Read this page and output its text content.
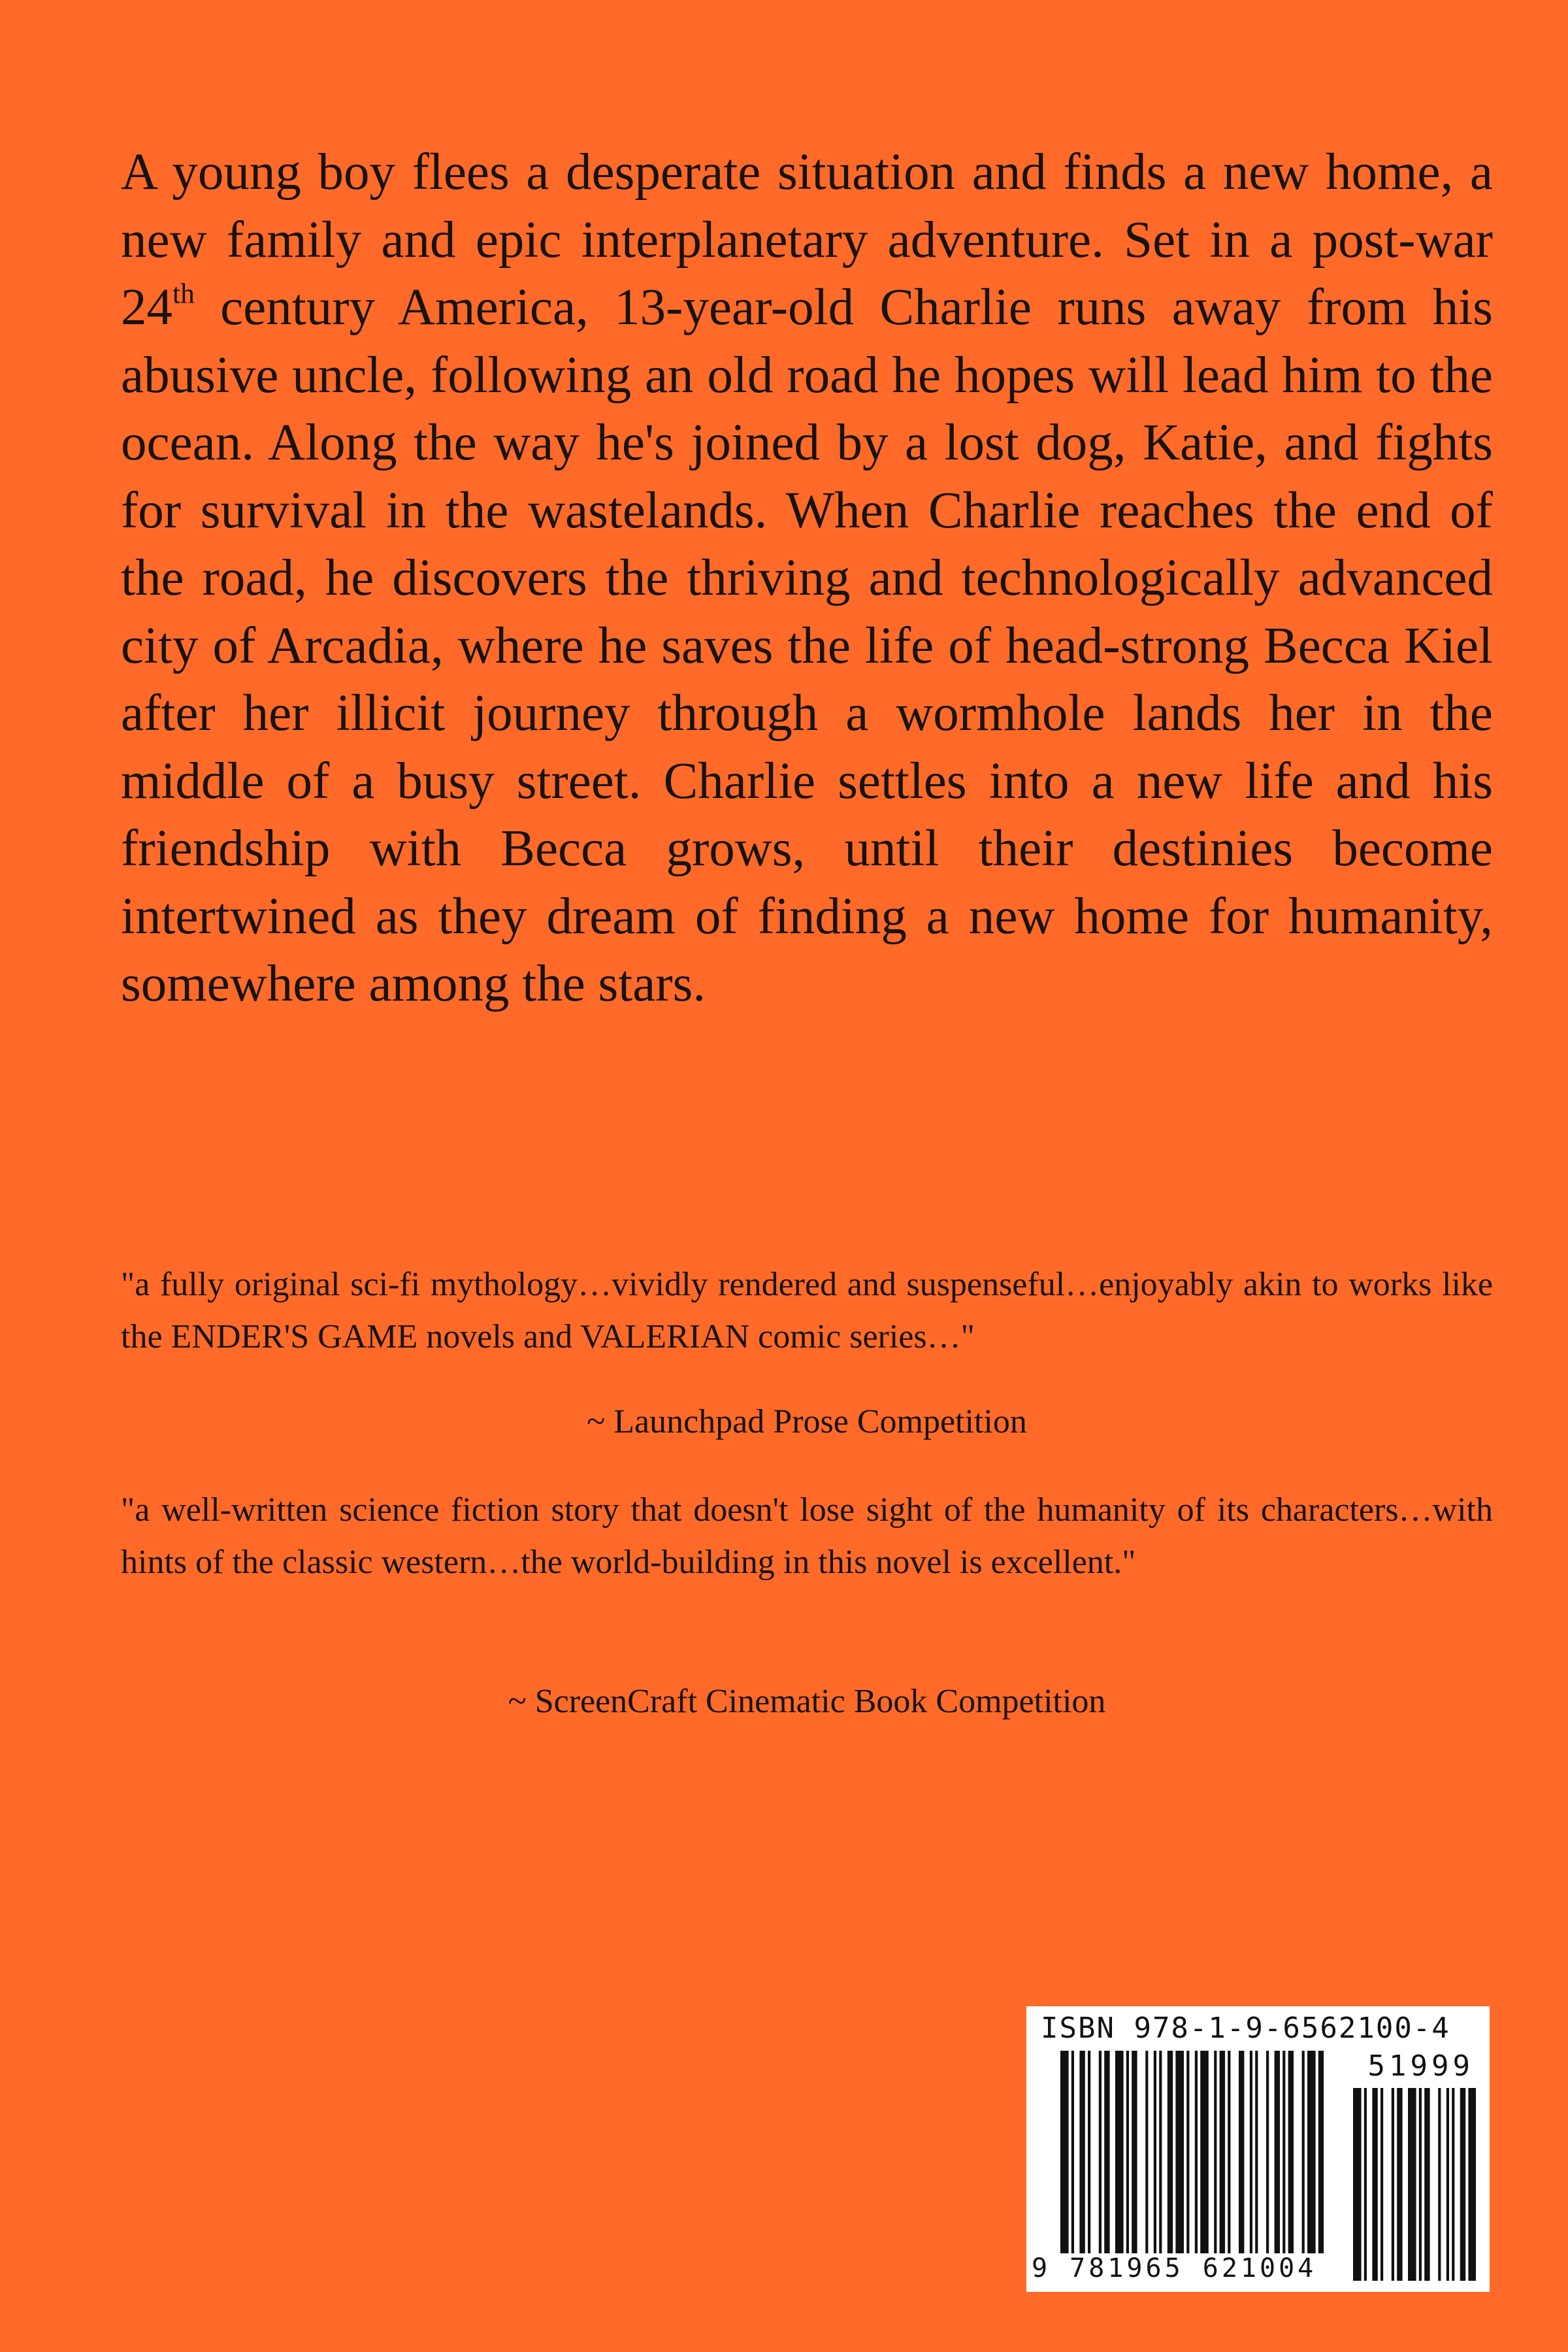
A young boy flees a desperate situation and finds a new home, a new family and epic interplanetary adventure. Set in a post-war 24th century America, 13-year-old Charlie runs away from his abusive uncle, following an old road he hopes will lead him to the ocean. Along the way he's joined by a lost dog, Katie, and fights for survival in the wastelands. When Charlie reaches the end of the road, he discovers the thriving and technologically advanced city of Arcadia, where he saves the life of head-strong Becca Kiel after her illicit journey through a wormhole lands her in the middle of a busy street. Charlie settles into a new life and his friendship with Becca grows, until their destinies become intertwined as they dream of finding a new home for humanity, somewhere among the stars.

"a fully original sci-fi mythology…vividly rendered and suspenseful…enjoyably akin to works like the ENDER'S GAME novels and VALERIAN comic series…"

~ Launchpad Prose Competition

"a well-written science fiction story that doesn't lose sight of the humanity of its characters…with hints of the classic western…the world-building in this novel is excellent."

~ ScreenCraft Cinematic Book Competition

ISBN 978-1-9-6562100-4
51999
9 781965 621004
